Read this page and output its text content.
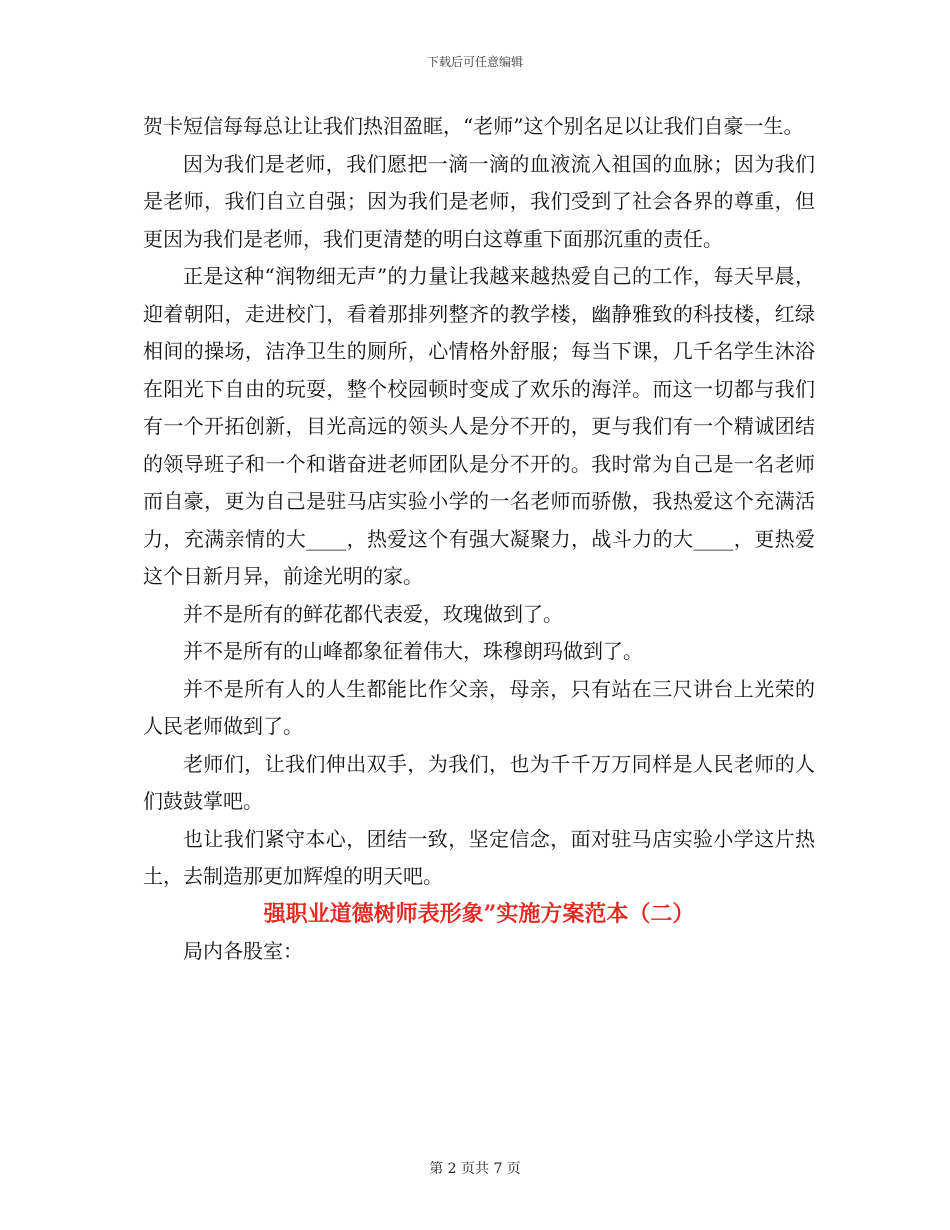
下载后可任意编辑

贺卡短信每每总让让我们热泪盈眶，“老师”这个别名足以让我们自豪一生。

因为我们是老师，我们愿把一滴一滴的血液流入祖国的血脉；因为我们是老师，我们自立自强；因为我们是老师，我们受到了社会各界的尊重，但更因为我们是老师，我们更清楚的明白这尊重下面那沉重的责任。

正是这种“润物细无声”的力量让我越来越热爱自己的工作，每天早晨，迎着朝阳，走进校门，看着那排列整齐的教学楼，幽静雅致的科技楼，红绿相间的操场，洁净卫生的厕所，心情格外舒服；每当下课，几千名学生沐浴在阳光下自由的玩耍，整个校园顿时变成了欢乐的海洋。而这一切都与我们有一个开拓创新，目光高远的领头人是分不开的，更与我们有一个精诚团结的领导班子和一个和谐奋进老师团队是分不开的。我时常为自己是一名老师而自豪，更为自己是驻马店实验小学的一名老师而骄傲，我热爱这个充满活力，充满亲情的大____，热爱这个有强大凝聚力，战斗力的大____，更热爱这个日新月异，前途光明的家。

并不是所有的鲜花都代表爱，玫瑰做到了。

并不是所有的山峰都象征着伟大，珠穆朗玛做到了。

并不是所有人的人生都能比作父亲，母亲，只有站在三尺讲台上光荣的人民老师做到了。

老师们，让我们伸出双手，为我们，也为千千万万同样是人民老师的人们鼓鼓掌吧。

也让我们紧守本心，团结一致，坚定信念，面对驻马店实验小学这片热土，去制造那更加辉煌的明天吧。

强职业道德树师表形象”实施方案范本（二）

局内各股室：

第 2 页共 7 页
